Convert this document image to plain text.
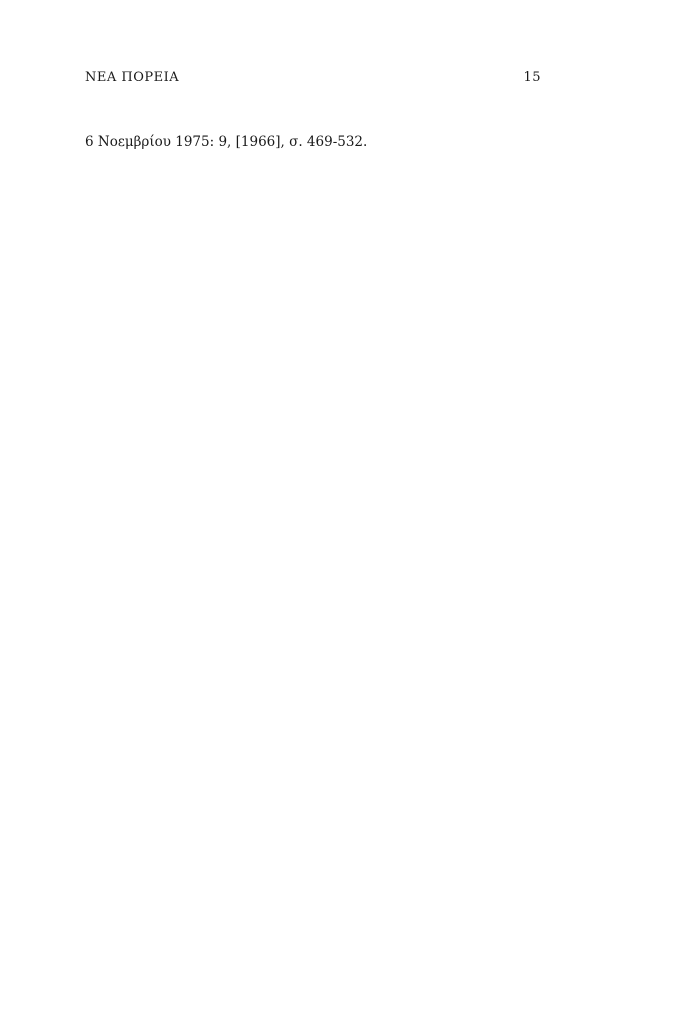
ΝΕΑ ΠΟΡΕΙΑ	15

6 Νοεμβρίου 1975: 9, [1966], σ. 469-532.
